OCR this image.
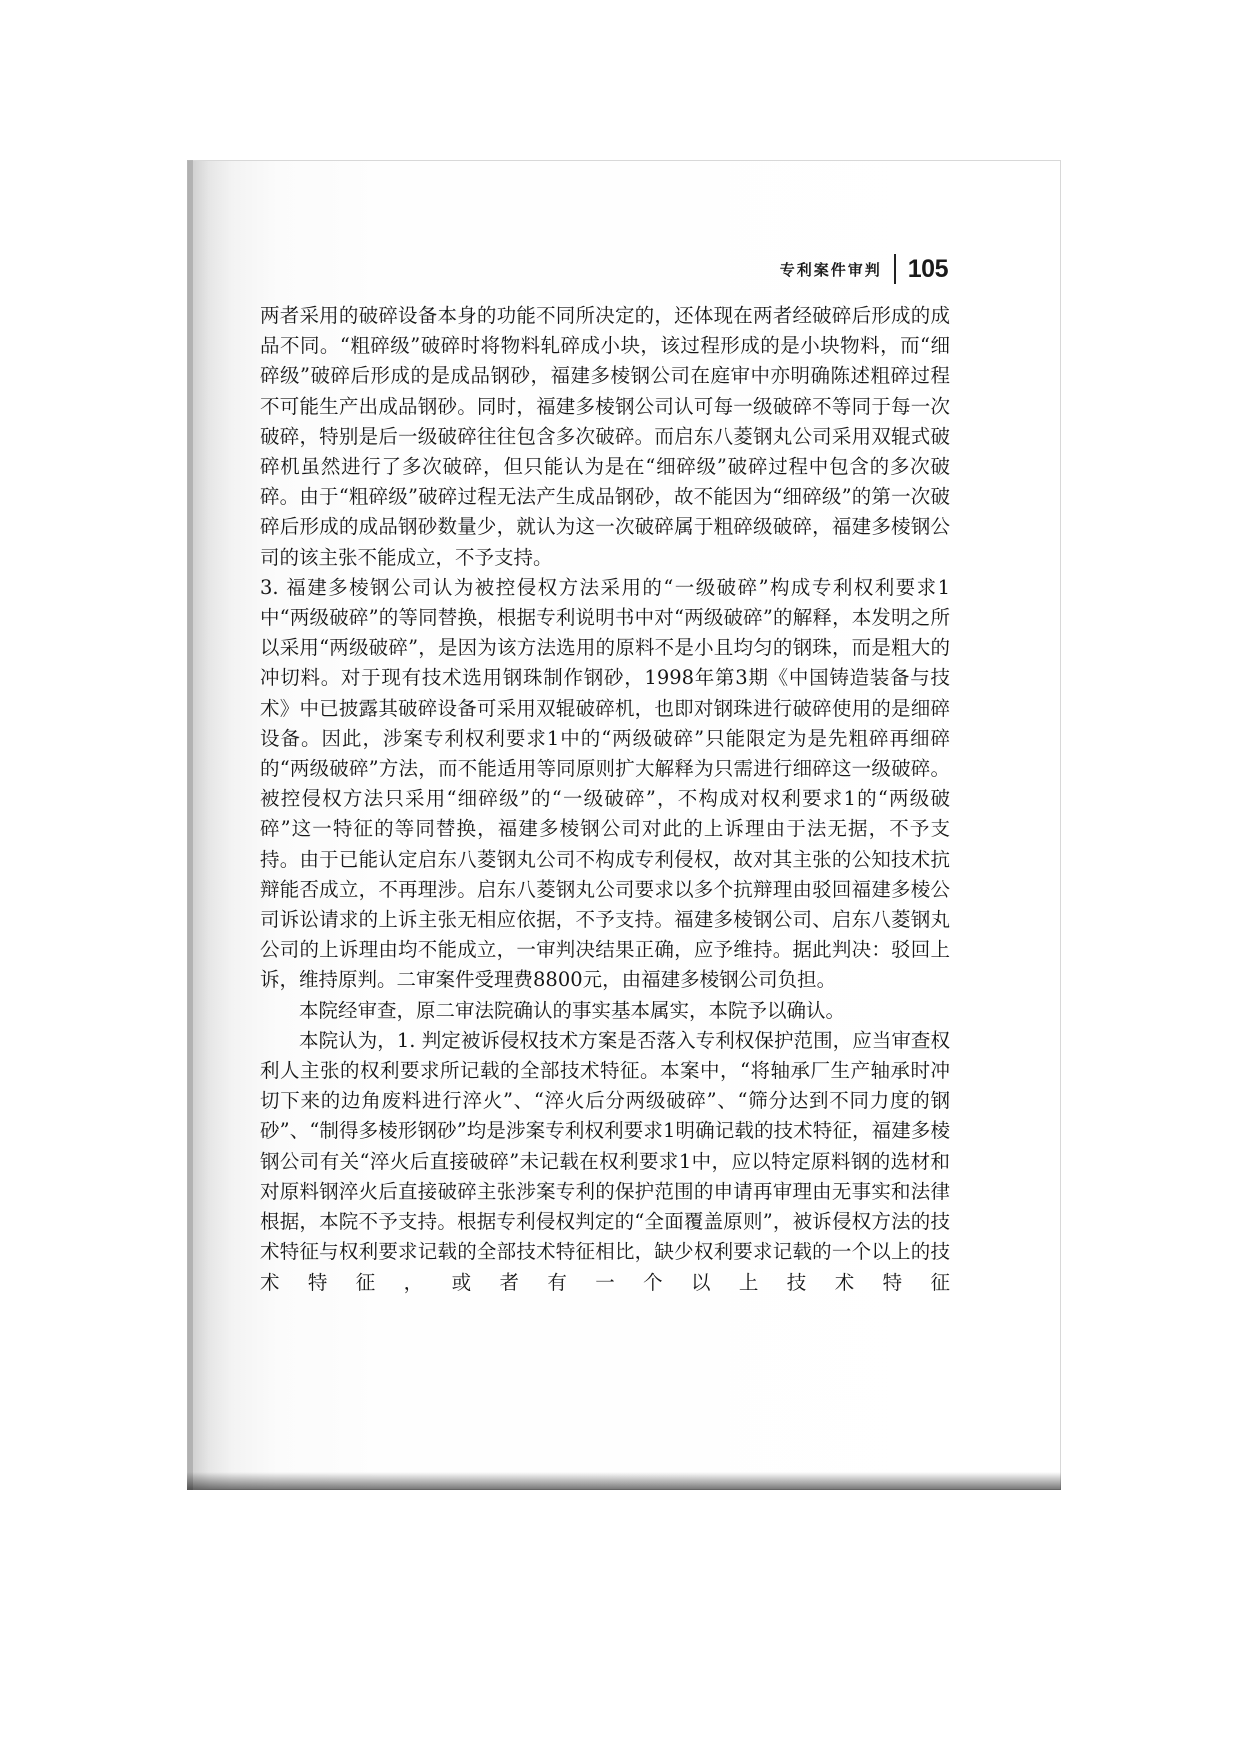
专利案件审判 105

两者采用的破碎设备本身的功能不同所决定的，还体现在两者经破碎后形成的成品不同。“粗碎级”破碎时将物料轧碎成小块，该过程形成的是小块物料，而“细碎级”破碎后形成的是成品钢砂，福建多棱钢公司在庭审中亦明确陈述粗碎过程不可能生产出成品钢砂。同时，福建多棱钢公司认可每一级破碎不等同于每一次破碎，特别是后一级破碎往往包含多次破碎。而启东八菱钢丸公司采用双辊式破碎机虽然进行了多次破碎，但只能认为是在“细碎级”破碎过程中包含的多次破碎。由于“粗碎级”破碎过程无法产生成品钢砂，故不能因为“细碎级”的第一次破碎后形成的成品钢砂数量少，就认为这一次破碎属于粗碎级破碎，福建多棱钢公司的该主张不能成立，不予支持。

3. 福建多棱钢公司认为被控侵权方法采用的“一级破碎”构成专利权利要求1中“两级破碎”的等同替换，根据专利说明书中对“两级破碎”的解释，本发明之所以采用“两级破碎”，是因为该方法选用的原料不是小且均匀的钢珠，而是粗大的冲切料。对于现有技术选用钢珠制作钢砂，1998年第3期《中国铸造装备与技术》中已披露其破碎设备可采用双辊破碎机，也即对钢珠进行破碎使用的是细碎设备。因此，涉案专利权利要求1中的“两级破碎”只能限定为是先粗碎再细碎的“两级破碎”方法，而不能适用等同原则扩大解释为只需进行细碎这一级破碎。被控侵权方法只采用“细碎级”的“一级破碎”，不构成对权利要求1的“两级破碎”这一特征的等同替换，福建多棱钢公司对此的上诉理由于法无据，不予支持。由于已能认定启东八菱钢丸公司不构成专利侵权，故对其主张的公知技术抗辩能否成立，不再理涉。启东八菱钢丸公司要求以多个抗辩理由驳回福建多棱公司诉讼请求的上诉主张无相应依据，不予支持。福建多棱钢公司、启东八菱钢丸公司的上诉理由均不能成立，一审判决结果正确，应予维持。据此判决：驳回上诉，维持原判。二审案件受理费8800元，由福建多棱钢公司负担。

本院经审查，原二审法院确认的事实基本属实，本院予以确认。

本院认为，1. 判定被诉侵权技术方案是否落入专利权保护范围，应当审查权利人主张的权利要求所记载的全部技术特征。本案中，“将轴承厂生产轴承时冲切下来的边角废料进行淬火”、“淬火后分两级破碎”、“筛分达到不同力度的钢砂”、“制得多棱形钢砂”均是涉案专利权利要求1明确记载的技术特征，福建多棱钢公司有关“淬火后直接破碎”未记载在权利要求1中，应以特定原料钢的选材和对原料钢淬火后直接破碎主张涉案专利的保护范围的申请再审理由无事实和法律根据，本院不予支持。根据专利侵权判定的“全面覆盖原则”，被诉侵权方法的技术特征与权利要求记载的全部技术特征相比，缺少权利要求记载的一个以上的技术特征，或者有一个以上技术特征
